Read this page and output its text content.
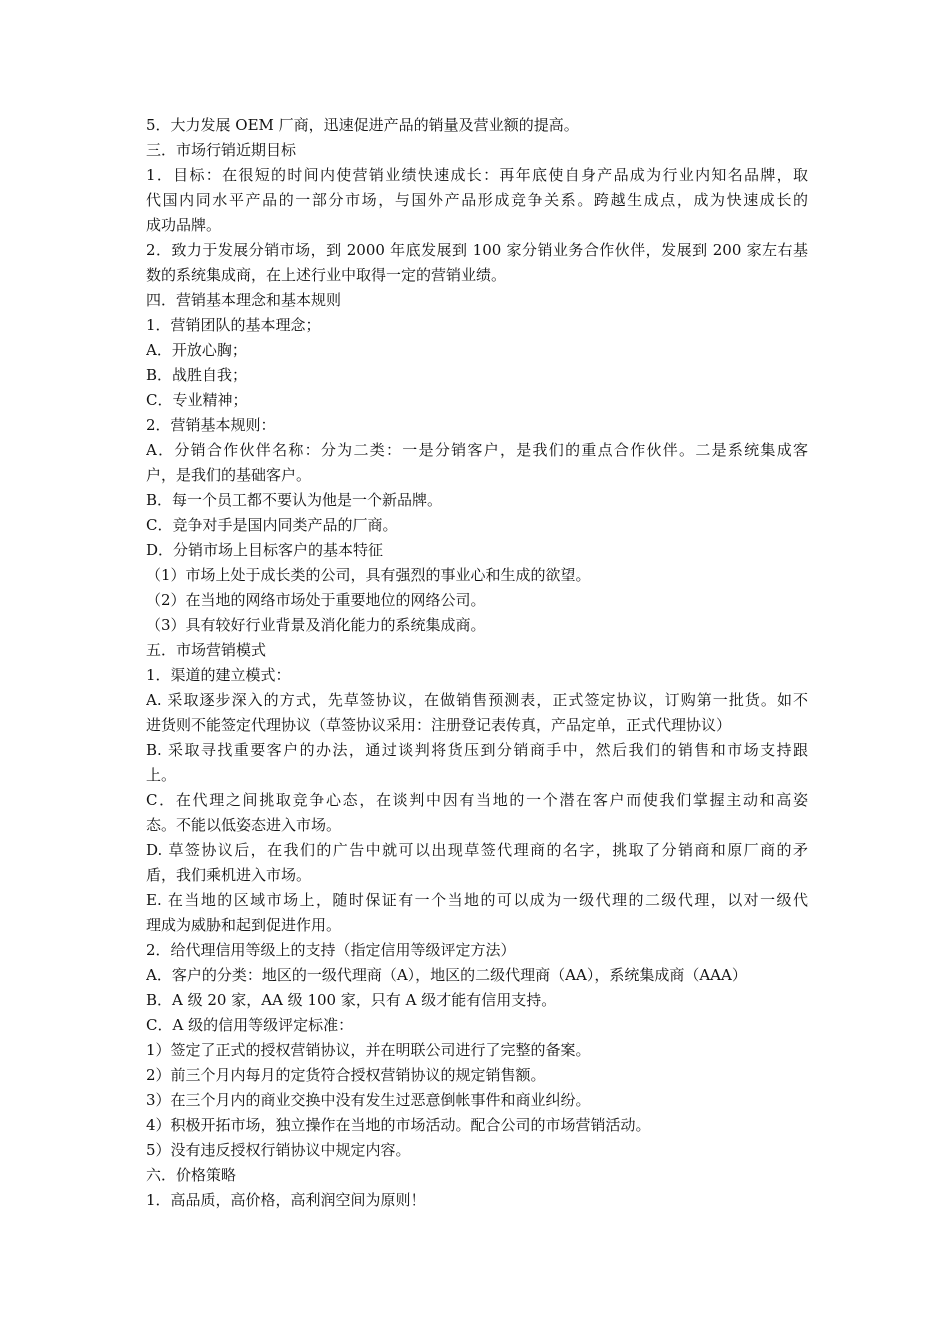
5．大力发展 OEM 厂商，迅速促进产品的销量及营业额的提高。
三．市场行销近期目标
1．目标：在很短的时间内使营销业绩快速成长：再年底使自身产品成为行业内知名品牌，取
代国内同水平产品的一部分市场，与国外产品形成竞争关系。跨越生成点，成为快速成长的
成功品牌。
2．致力于发展分销市场，到 2000 年底发展到 100 家分销业务合作伙伴，发展到 200 家左右基
数的系统集成商，在上述行业中取得一定的营销业绩。
四．营销基本理念和基本规则
1．营销团队的基本理念；
A．开放心胸；
B．战胜自我；
C．专业精神；
2．营销基本规则：
A．分销合作伙伴名称：分为二类：一是分销客户，是我们的重点合作伙伴。二是系统集成客
户，是我们的基础客户。
B．每一个员工都不要认为他是一个新品牌。
C．竞争对手是国内同类产品的厂商。
D．分销市场上目标客户的基本特征
（1）市场上处于成长类的公司，具有强烈的事业心和生成的欲望。
（2）在当地的网络市场处于重要地位的网络公司。
（3）具有较好行业背景及消化能力的系统集成商。
五．市场营销模式
1．渠道的建立模式：
A. 采取逐步深入的方式，先草签协议，在做销售预测表，正式签定协议，订购第一批货。如不
进货则不能签定代理协议（草签协议采用：注册登记表传真，产品定单，正式代理协议）
B. 采取寻找重要客户的办法，通过谈判将货压到分销商手中，然后我们的销售和市场支持跟
上。
C．在代理之间挑取竞争心态，在谈判中因有当地的一个潜在客户而使我们掌握主动和高姿
态。不能以低姿态进入市场。
D. 草签协议后，在我们的广告中就可以出现草签代理商的名字，挑取了分销商和原厂商的矛
盾，我们乘机进入市场。
E. 在当地的区域市场上，随时保证有一个当地的可以成为一级代理的二级代理，以对一级代
理成为威胁和起到促进作用。
2．给代理信用等级上的支持（指定信用等级评定方法）
A．客户的分类：地区的一级代理商（A），地区的二级代理商（AA），系统集成商（AAA）
B．A 级 20 家，AA 级 100 家，只有 A 级才能有信用支持。
C．A 级的信用等级评定标准：
1）签定了正式的授权营销协议，并在明联公司进行了完整的备案。
2）前三个月内每月的定货符合授权营销协议的规定销售额。
3）在三个月内的商业交换中没有发生过恶意倒帐事件和商业纠纷。
4）积极开拓市场，独立操作在当地的市场活动。配合公司的市场营销活动。
5）没有违反授权行销协议中规定内容。
六．价格策略
1．高品质，高价格，高利润空间为原则！
